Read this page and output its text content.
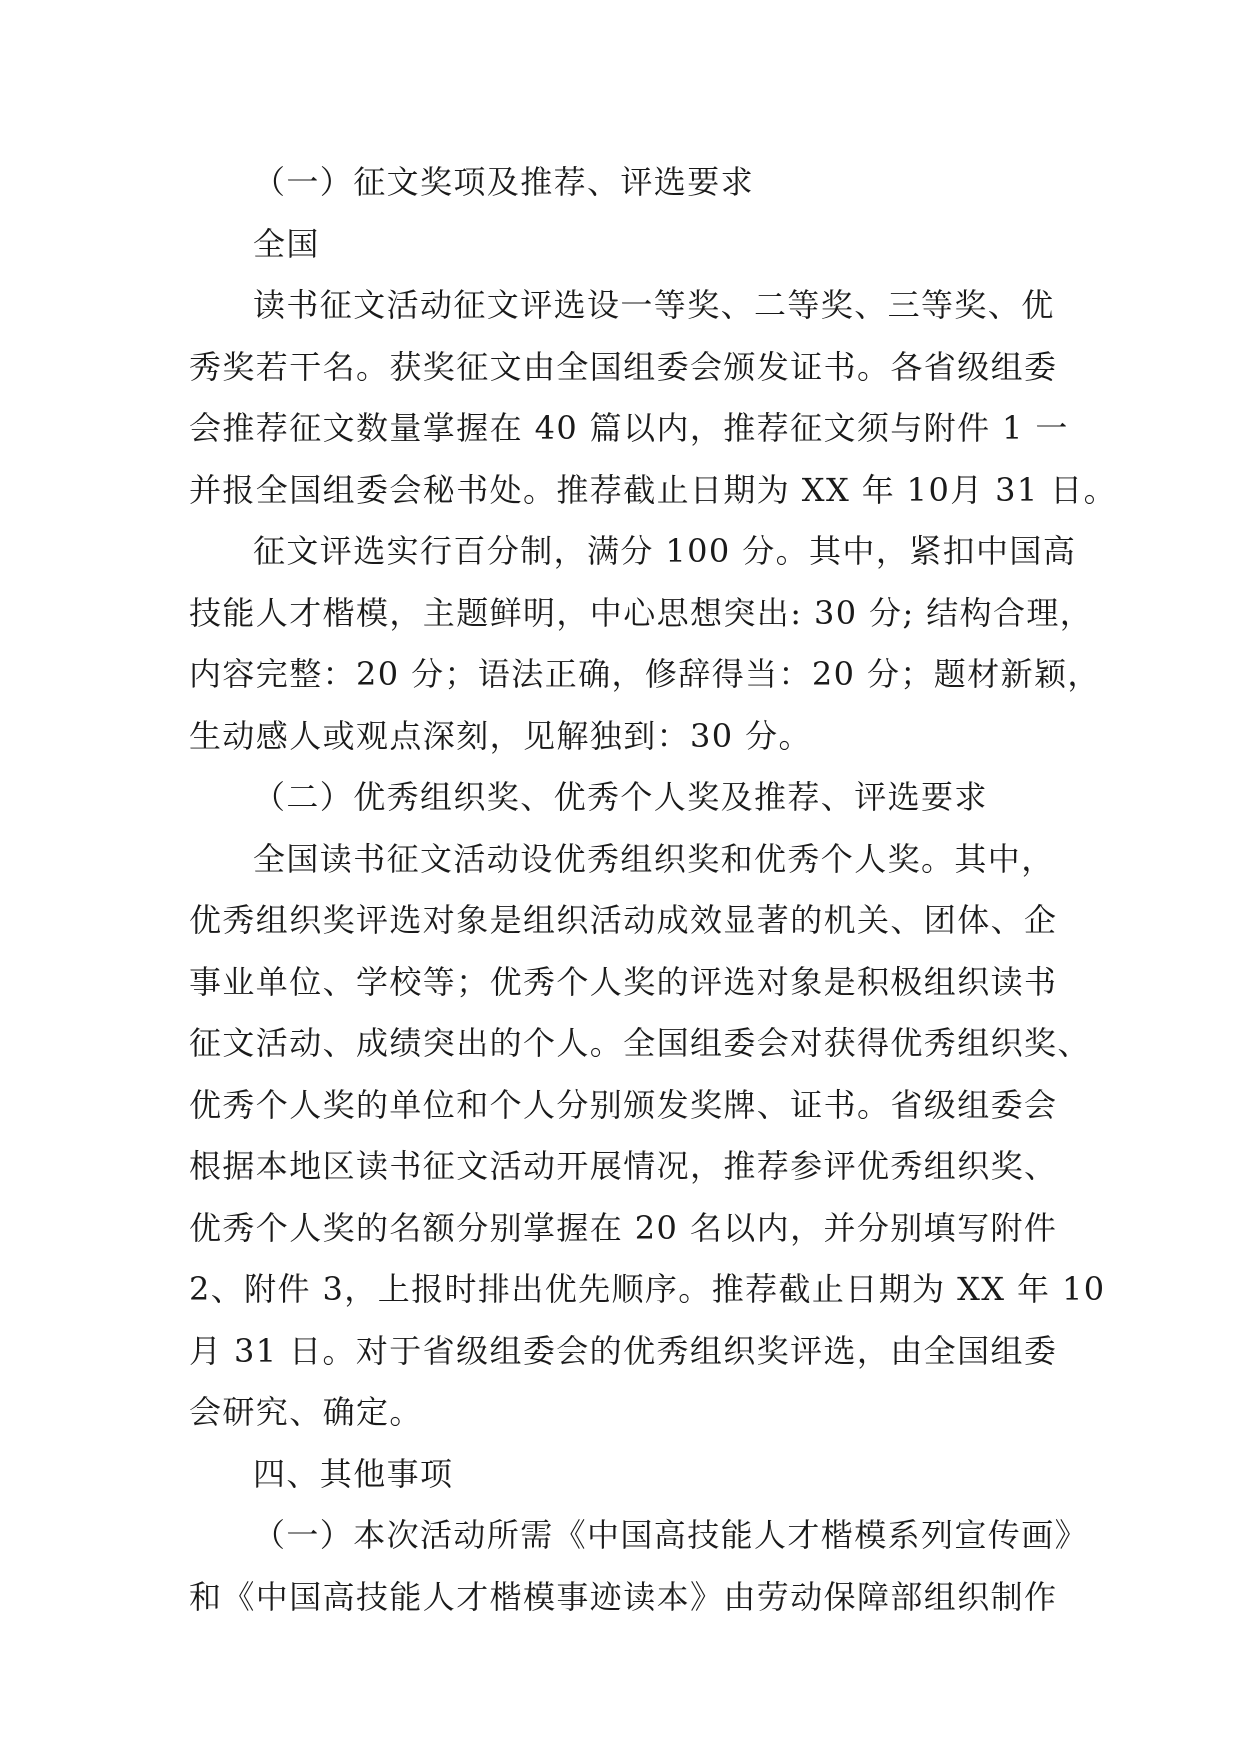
（一）征文奖项及推荐、评选要求
全国
读书征文活动征文评选设一等奖、二等奖、三等奖、优
秀奖若干名。获奖征文由全国组委会颁发证书。各省级组委
会推荐征文数量掌握在 40 篇以内，推荐征文须与附件 1 一
并报全国组委会秘书处。推荐截止日期为 XX 年 10月 31 日。
征文评选实行百分制，满分 100 分。其中，紧扣中国高
技能人才楷模，主题鲜明，中心思想突出: 30 分; 结构合理，
内容完整：20 分；语法正确，修辞得当：20 分；题材新颖，
生动感人或观点深刻，见解独到：30 分。
（二）优秀组织奖、优秀个人奖及推荐、评选要求
全国读书征文活动设优秀组织奖和优秀个人奖。其中，
优秀组织奖评选对象是组织活动成效显著的机关、团体、企
事业单位、学校等；优秀个人奖的评选对象是积极组织读书
征文活动、成绩突出的个人。全国组委会对获得优秀组织奖、
优秀个人奖的单位和个人分别颁发奖牌、证书。省级组委会
根据本地区读书征文活动开展情况，推荐参评优秀组织奖、
优秀个人奖的名额分别掌握在 20 名以内，并分别填写附件
2、附件 3，上报时排出优先顺序。推荐截止日期为 XX 年 10
月 31 日。对于省级组委会的优秀组织奖评选，由全国组委
会研究、确定。
四、其他事项
（一）本次活动所需《中国高技能人才楷模系列宣传画》
和《中国高技能人才楷模事迹读本》由劳动保障部组织制作
